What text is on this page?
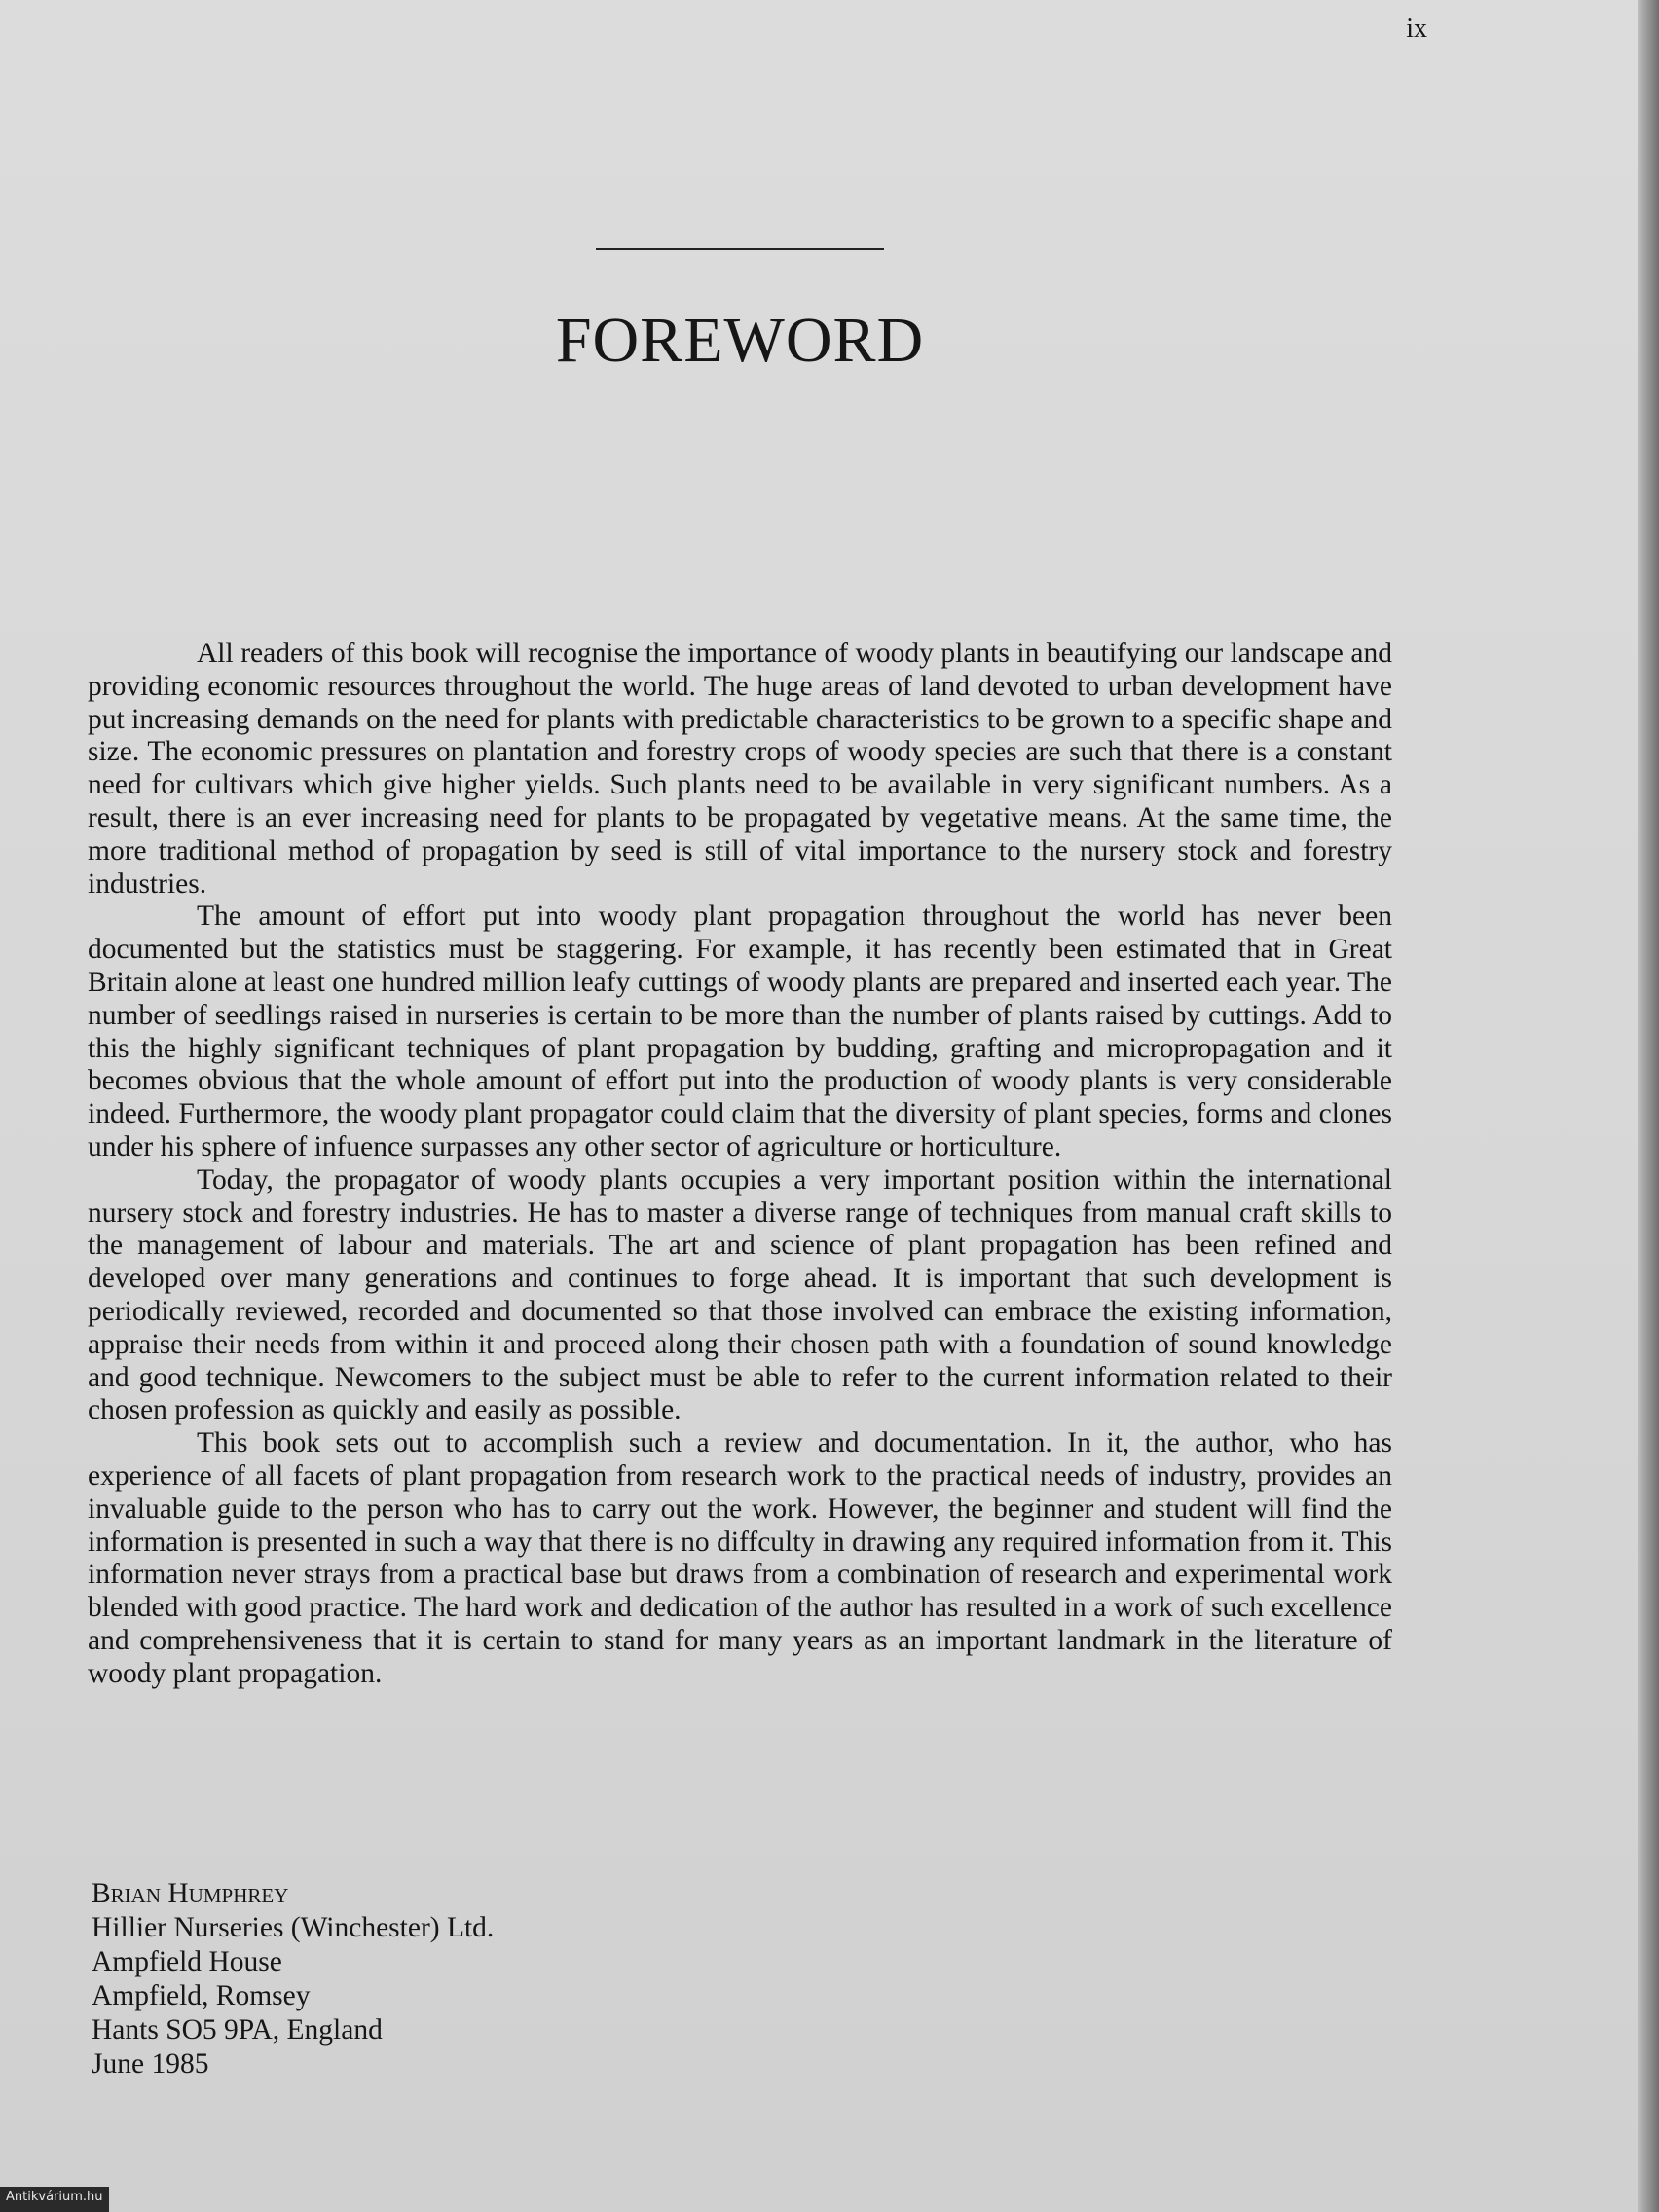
ix
FOREWORD

All readers of this book will recognise the importance of woody plants in beautifying our landscape and providing economic resources throughout the world. The huge areas of land devoted to urban development have put increasing demands on the need for plants with predictable characteristics to be grown to a specific shape and size. The economic pressures on plantation and forestry crops of woody species are such that there is a constant need for cultivars which give higher yields. Such plants need to be available in very significant numbers. As a result, there is an ever increasing need for plants to be propagated by vegetative means. At the same time, the more traditional method of propagation by seed is still of vital importance to the nursery stock and forestry industries.

The amount of effort put into woody plant propagation throughout the world has never been documented but the statistics must be staggering. For example, it has recently been estimated that in Great Britain alone at least one hundred million leafy cuttings of woody plants are prepared and inserted each year. The number of seedlings raised in nurseries is certain to be more than the number of plants raised by cuttings. Add to this the highly significant techniques of plant propagation by budding, grafting and micropropagation and it becomes obvious that the whole amount of effort put into the production of woody plants is very considerable indeed. Furthermore, the woody plant propagator could claim that the diversity of plant species, forms and clones under his sphere of infuence surpasses any other sector of agriculture or horticulture.

Today, the propagator of woody plants occupies a very important position within the international nursery stock and forestry industries. He has to master a diverse range of techniques from manual craft skills to the management of labour and materials. The art and science of plant propagation has been refined and developed over many generations and continues to forge ahead. It is important that such development is periodically reviewed, recorded and documented so that those involved can embrace the existing information, appraise their needs from within it and proceed along their chosen path with a foundation of sound knowledge and good technique. Newcomers to the subject must be able to refer to the current information related to their chosen profession as quickly and easily as possible.

This book sets out to accomplish such a review and documentation. In it, the author, who has experience of all facets of plant propagation from research work to the practical needs of industry, provides an invaluable guide to the person who has to carry out the work. However, the beginner and student will find the information is presented in such a way that there is no diffculty in drawing any required information from it. This information never strays from a practical base but draws from a combination of research and experimental work blended with good practice. The hard work and dedication of the author has resulted in a work of such excellence and comprehensiveness that it is certain to stand for many years as an important landmark in the literature of woody plant propagation.

Brian Humphrey
Hillier Nurseries (Winchester) Ltd.
Ampfield House
Ampfield, Romsey
Hants SO5 9PA, England
June 1985
Antikvárium.hu
